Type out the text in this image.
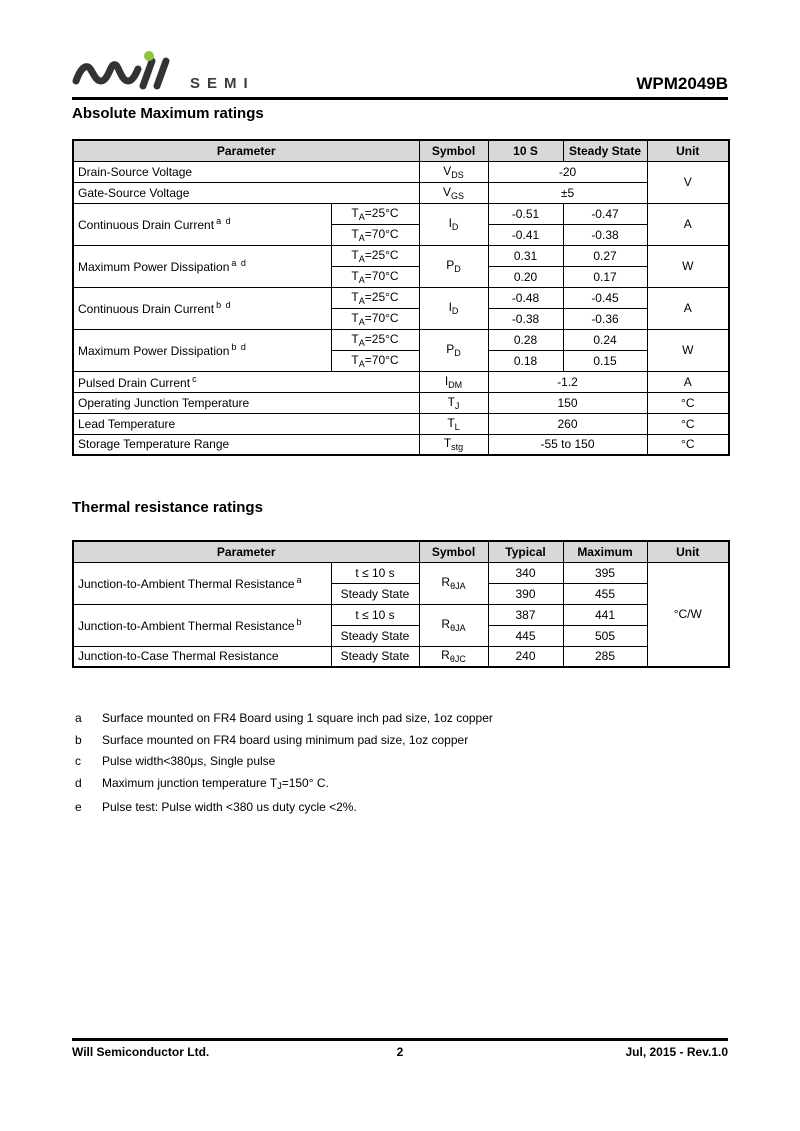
SEMI	WPM2049B
Absolute Maximum ratings
Parameter		Symbol	10 S	Steady State	Unit
Drain-Source Voltage		$V_{DS}$	-20		V
Gate-Source Voltage		$V_{GS}$	±5		
Continuous Drain Current $^{a d}$	$T_A=25^\circ C$	$I_D$	-0.51	-0.47	A
	$T_A=70^\circ C$		-0.41	-0.38	
Maximum Power Dissipation $^{a d}$	$T_A=25^\circ C$	$P_D$	0.31	0.27	W
	$T_A=70^\circ C$		0.20	0.17	
Continuous Drain Current $^{b d}$	$T_A=25^\circ C$	$I_D$	-0.48	-0.45	A
	$T_A=70^\circ C$		-0.38	-0.36	
Maximum Power Dissipation $^{b d}$	$T_A=25^\circ C$	$P_D$	0.28	0.24	W
	$T_A=70^\circ C$		0.18	0.15	
Pulsed Drain Current $^c$		$I_{DM}$	-1.2		A
Operating Junction Temperature		$T_J$	150		°C
Lead Temperature		$T_L$	260		°C
Storage Temperature Range		$T_{stg}$	-55 to 150		°C
Thermal resistance ratings
Parameter		Symbol	Typical	Maximum	Unit
Junction-to-Ambient Thermal Resistance $^a$	t ≤ 10 s	$R_{\theta JA}$	340	395	°C/W
	Steady State		390	455	
Junction-to-Ambient Thermal Resistance $^b$	t ≤ 10 s	$R_{\theta JA}$	387	441	
	Steady State		445	505	
Junction-to-Case Thermal Resistance	Steady State	$R_{\theta JC}$	240	285	
a	Surface mounted on FR4 Board using 1 square inch pad size, 1oz copper
b	Surface mounted on FR4 board using minimum pad size, 1oz copper
c	Pulse width<380μs, Single pulse
d	Maximum junction temperature TJ=150° C.
e	Pulse test: Pulse width <380 us duty cycle <2%.
Will Semiconductor Ltd.	2	Jul, 2015 - Rev.1.0
